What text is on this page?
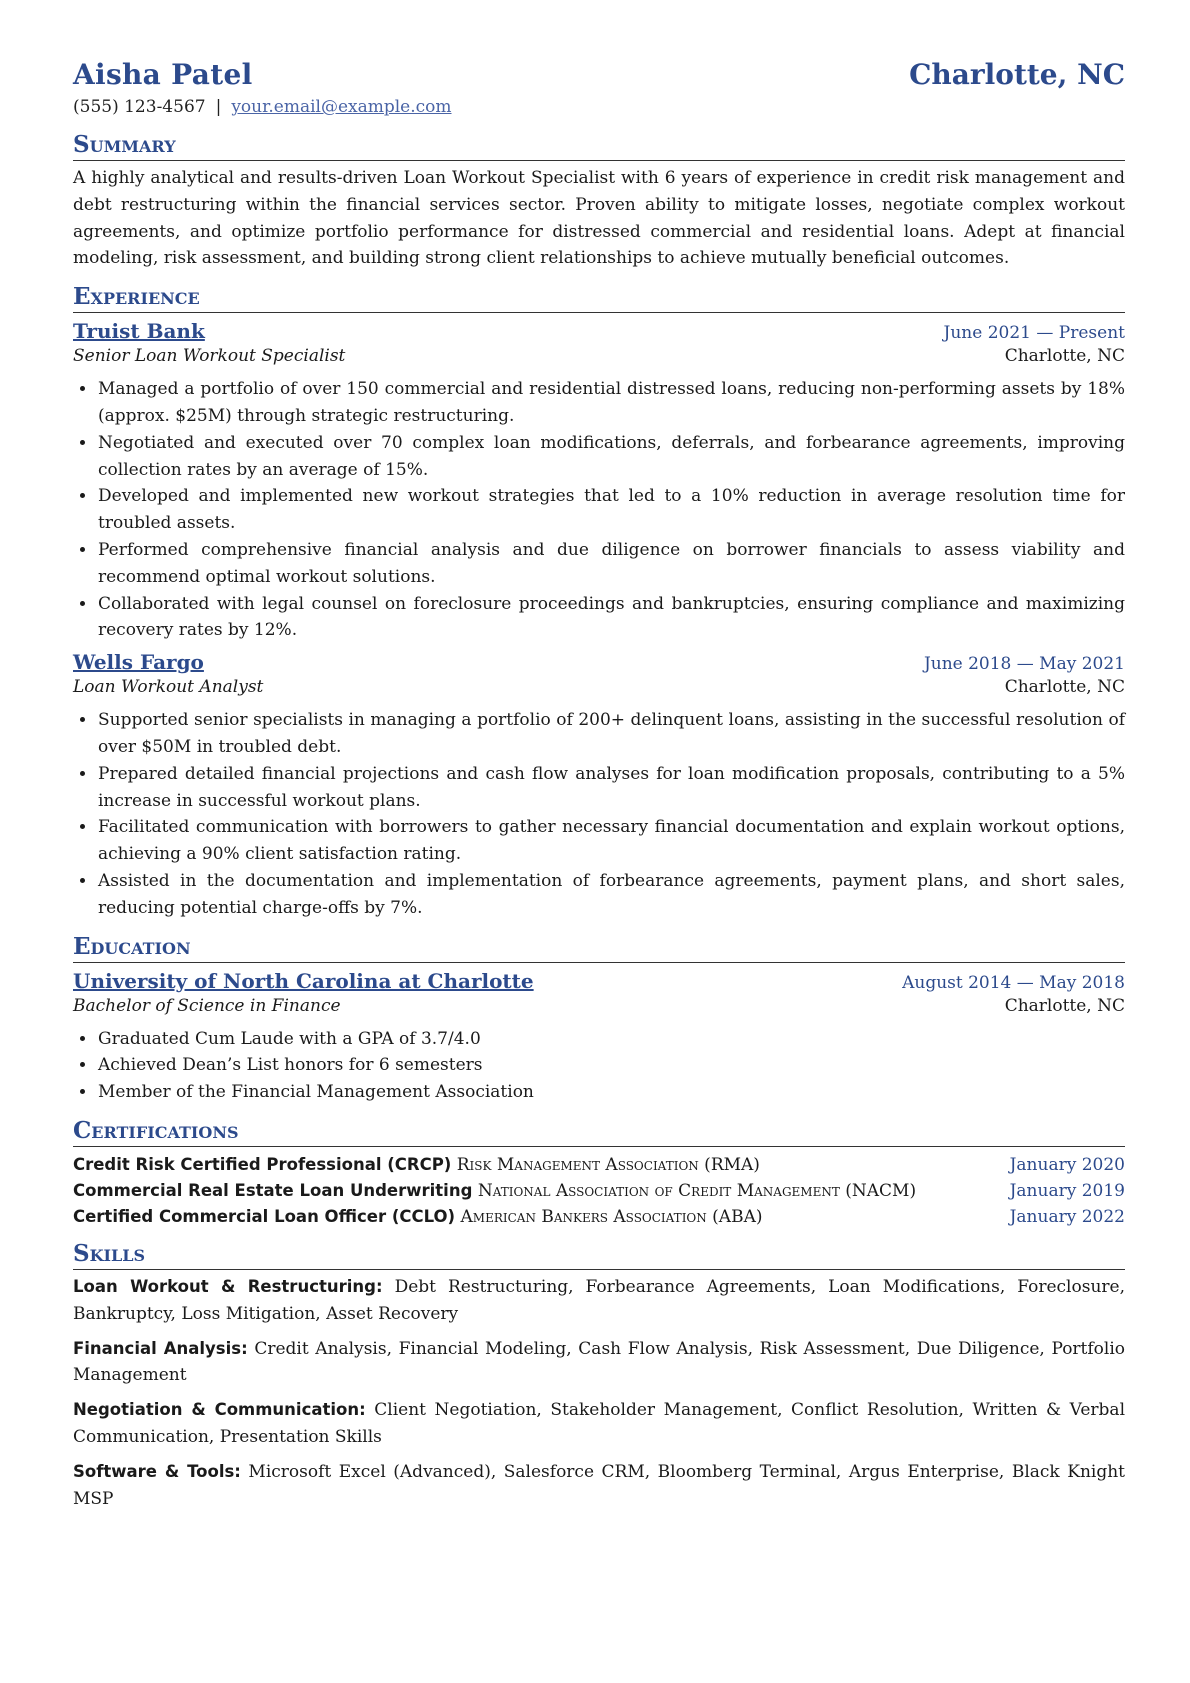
Aisha Patel	Charlotte, NC
(555) 123-4567 | your.email@example.com
Summary
A highly analytical and results-driven Loan Workout Specialist with 6 years of experience in credit risk management and debt restructuring within the financial services sector. Proven ability to mitigate losses, negotiate complex workout agreements, and optimize portfolio performance for distressed commercial and residential loans. Adept at financial modeling, risk assessment, and building strong client relationships to achieve mutually beneficial outcomes.
Experience
Truist Bank	June 2021 — Present
Senior Loan Workout Specialist	Charlotte, NC
• Managed a portfolio of over 150 commercial and residential distressed loans, reducing non-performing assets by 18% (approx. $25M) through strategic restructuring.
• Negotiated and executed over 70 complex loan modifications, deferrals, and forbearance agreements, improving collection rates by an average of 15%.
• Developed and implemented new workout strategies that led to a 10% reduction in average resolution time for troubled assets.
• Performed comprehensive financial analysis and due diligence on borrower financials to assess viability and recommend optimal workout solutions.
• Collaborated with legal counsel on foreclosure proceedings and bankruptcies, ensuring compliance and maximizing recovery rates by 12%.
Wells Fargo	June 2018 — May 2021
Loan Workout Analyst	Charlotte, NC
• Supported senior specialists in managing a portfolio of 200+ delinquent loans, assisting in the successful resolution of over $50M in troubled debt.
• Prepared detailed financial projections and cash flow analyses for loan modification proposals, contributing to a 5% increase in successful workout plans.
• Facilitated communication with borrowers to gather necessary financial documentation and explain workout options, achieving a 90% client satisfaction rating.
• Assisted in the documentation and implementation of forbearance agreements, payment plans, and short sales, reducing potential charge-offs by 7%.
Education
University of North Carolina at Charlotte	August 2014 — May 2018
Bachelor of Science in Finance	Charlotte, NC
• Graduated Cum Laude with a GPA of 3.7/4.0
• Achieved Dean’s List honors for 6 semesters
• Member of the Financial Management Association
Certifications
Credit Risk Certified Professional (CRCP) Risk Management Association (RMA)	January 2020
Commercial Real Estate Loan Underwriting National Association of Credit Management (NACM)	January 2019
Certified Commercial Loan Officer (CCLO) American Bankers Association (ABA)	January 2022
Skills
Loan Workout & Restructuring: Debt Restructuring, Forbearance Agreements, Loan Modifications, Foreclosure, Bankruptcy, Loss Mitigation, Asset Recovery
Financial Analysis: Credit Analysis, Financial Modeling, Cash Flow Analysis, Risk Assessment, Due Diligence, Portfolio Management
Negotiation & Communication: Client Negotiation, Stakeholder Management, Conflict Resolution, Written & Verbal Communication, Presentation Skills
Software & Tools: Microsoft Excel (Advanced), Salesforce CRM, Bloomberg Terminal, Argus Enterprise, Black Knight MSP
